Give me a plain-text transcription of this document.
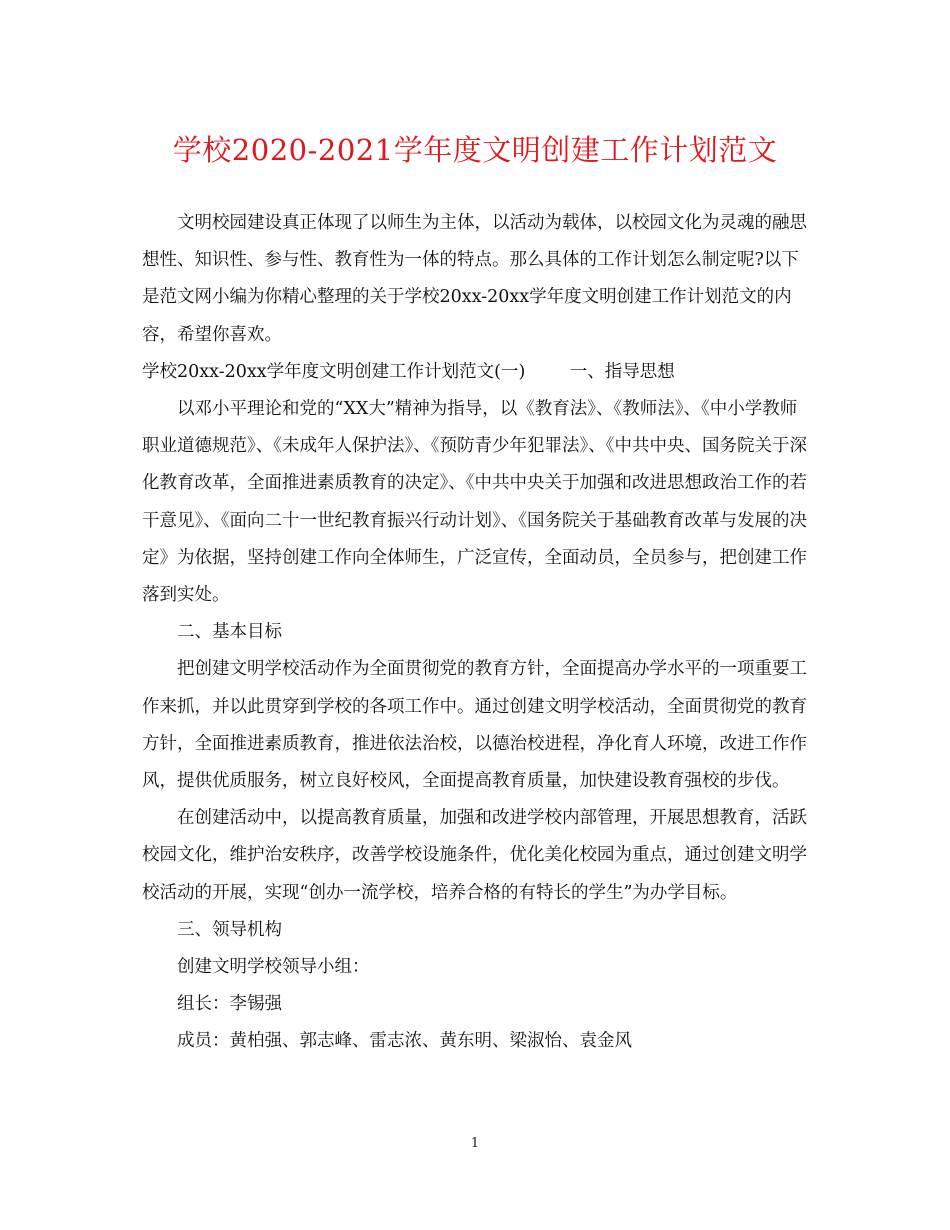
学校2020-2021学年度文明创建工作计划范文

文明校园建设真正体现了以师生为主体，以活动为载体，以校园文化为灵魂的融思想性、知识性、参与性、教育性为一体的特点。那么具体的工作计划怎么制定呢?以下是范文网小编为你精心整理的关于学校20xx-20xx学年度文明创建工作计划范文的内容，希望你喜欢。

学校20xx-20xx学年度文明创建工作计划范文(一)        一、指导思想

以邓小平理论和党的“XX大”精神为指导，以《教育法》、《教师法》、《中小学教师职业道德规范》、《未成年人保护法》、《预防青少年犯罪法》、《中共中央、国务院关于深化教育改革，全面推进素质教育的决定》、《中共中央关于加强和改进思想政治工作的若干意见》、《面向二十一世纪教育振兴行动计划》、《国务院关于基础教育改革与发展的决定》为依据，坚持创建工作向全体师生，广泛宣传，全面动员，全员参与，把创建工作落到实处。

二、基本目标

把创建文明学校活动作为全面贯彻党的教育方针，全面提高办学水平的一项重要工作来抓，并以此贯穿到学校的各项工作中。通过创建文明学校活动，全面贯彻党的教育方针，全面推进素质教育，推进依法治校，以德治校进程，净化育人环境，改进工作作风，提供优质服务，树立良好校风，全面提高教育质量，加快建设教育强校的步伐。

在创建活动中，以提高教育质量，加强和改进学校内部管理，开展思想教育，活跃校园文化，维护治安秩序，改善学校设施条件，优化美化校园为重点，通过创建文明学校活动的开展，实现“创办一流学校，培养合格的有特长的学生”为办学目标。

三、领导机构

创建文明学校领导小组：

组长：李锡强

成员：黄柏强、郭志峰、雷志浓、黄东明、梁淑怡、袁金风

1
